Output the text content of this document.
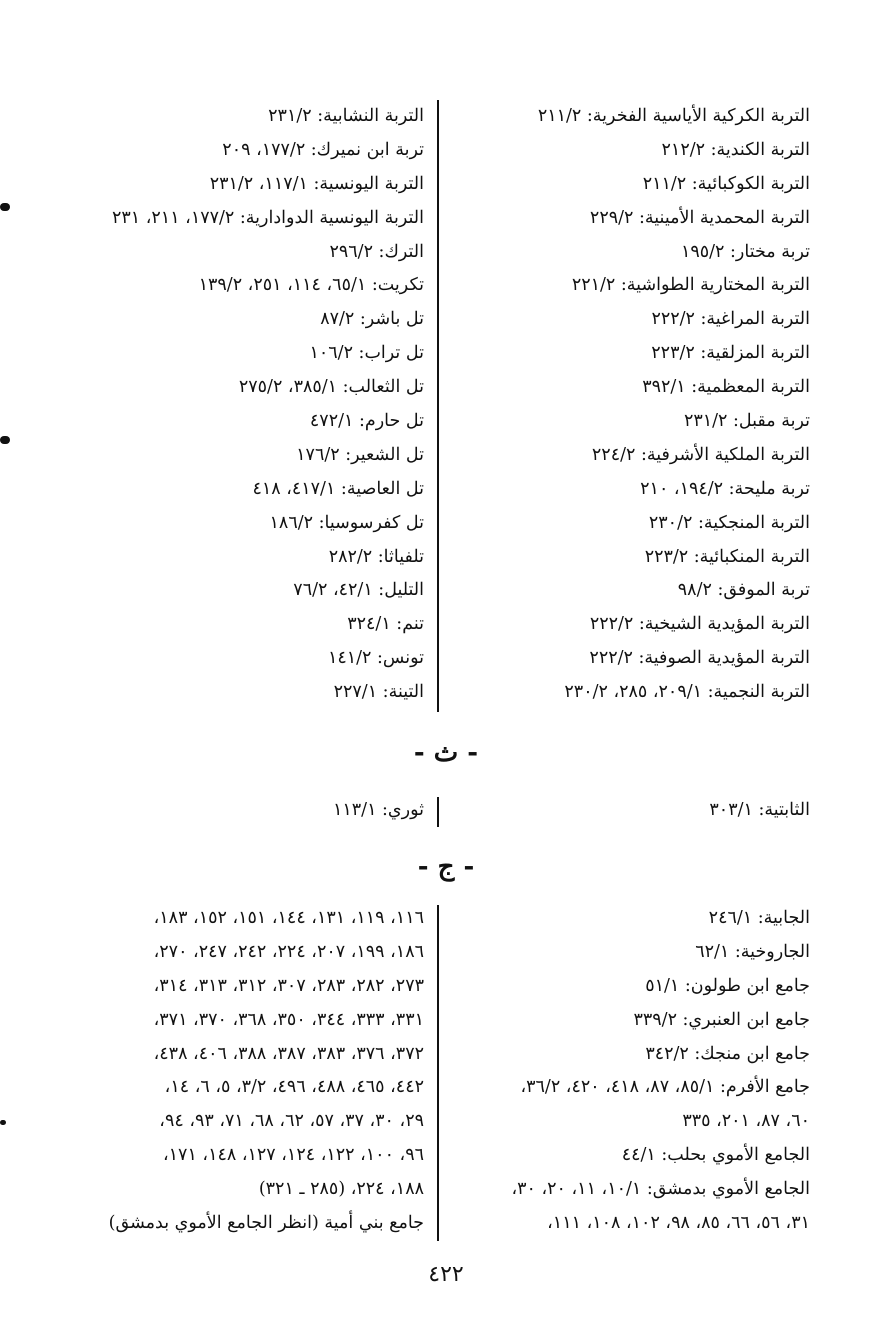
التربة الكركية الأياسية الفخرية: ٢١١/٢
التربة الكندية: ٢١٢/٢
التربة الكوكبائية: ٢١١/٢
التربة المحمدية الأمينية: ٢٢٩/٢
تربة مختار: ١٩٥/٢
التربة المختارية الطواشية: ٢٢١/٢
التربة المراغية: ٢٢٢/٢
التربة المزلقية: ٢٢٣/٢
التربة المعظمية: ٣٩٢/١
تربة مقبل: ٢٣١/٢
التربة الملكية الأشرفية: ٢٢٤/٢
تربة مليحة: ١٩٤/٢، ٢١٠
التربة المنجكية: ٢٣٠/٢
التربة المنكبائية: ٢٢٣/٢
تربة الموفق: ٩٨/٢
التربة المؤيدية الشيخية: ٢٢٢/٢
التربة المؤيدية الصوفية: ٢٢٢/٢
التربة النجمية: ٢٠٩/١، ٢٨٥، ٢٣٠/٢
التربة النشابية: ٢٣١/٢
تربة ابن نميرك: ١٧٧/٢، ٢٠٩
التربة اليونسية: ١١٧/١، ٢٣١/٢
التربة اليونسية الدوادارية: ١٧٧/٢، ٢١١، ٢٣١
الترك: ٢٩٦/٢
تكريت: ٦٥/١، ١١٤، ٢٥١، ١٣٩/٢
تل باشر: ٨٧/٢
تل تراب: ١٠٦/٢
تل الثعالب: ٣٨٥/١، ٢٧٥/٢
تل حارم: ٤٧٢/١
تل الشعير: ١٧٦/٢
تل العاصية: ٤١٧/١، ٤١٨
تل كفرسوسيا: ١٨٦/٢
تلفياثا: ٢٨٢/٢
التليل: ٤٢/١، ٧٦/٢
تنم: ٣٢٤/١
تونس: ١٤١/٢
التينة: ٢٢٧/١
- ث -
الثابتية: ٣٠٣/١
ثوري: ١١٣/١
- ج -
الجابية: ٢٤٦/١
الجاروخية: ٦٢/١
جامع ابن طولون: ٥١/١
جامع ابن العنبري: ٣٣٩/٢
جامع ابن منجك: ٣٤٢/٢
جامع الأفرم: ٨٥/١، ٨٧، ٤١٨، ٤٢٠، ٣٦/٢،
٦٠، ٨٧، ٢٠١، ٣٣٥
الجامع الأموي بحلب: ٤٤/١
الجامع الأموي بدمشق: ١٠/١، ١١، ٢٠، ٣٠،
٣١، ٥٦، ٦٦، ٨٥، ٩٨، ١٠٢، ١٠٨، ١١١،
١١٦، ١١٩، ١٣١، ١٤٤، ١٥١، ١٥٢، ١٨٣،
١٨٦، ١٩٩، ٢٠٧، ٢٢٤، ٢٤٢، ٢٤٧، ٢٧٠،
٢٧٣، ٢٨٢، ٢٨٣، ٣٠٧، ٣١٢، ٣١٣، ٣١٤،
٣٣١، ٣٣٣، ٣٤٤، ٣٥٠، ٣٦٨، ٣٧٠، ٣٧١،
٣٧٢، ٣٧٦، ٣٨٣، ٣٨٧، ٣٨٨، ٤٠٦، ٤٣٨،
٤٤٢، ٤٦٥، ٤٨٨، ٤٩٦، ٣/٢، ٥، ٦، ١٤،
٢٩، ٣٠، ٣٧، ٥٧، ٦٢، ٦٨، ٧١، ٩٣، ٩٤،
٩٦، ١٠٠، ١٢٢، ١٢٤، ١٢٧، ١٤٨، ١٧١،
١٨٨، ٢٢٤، (٢٨٥ ـ ٣٢١)
جامع بني أمية (انظر الجامع الأموي بدمشق)
٤٢٢
